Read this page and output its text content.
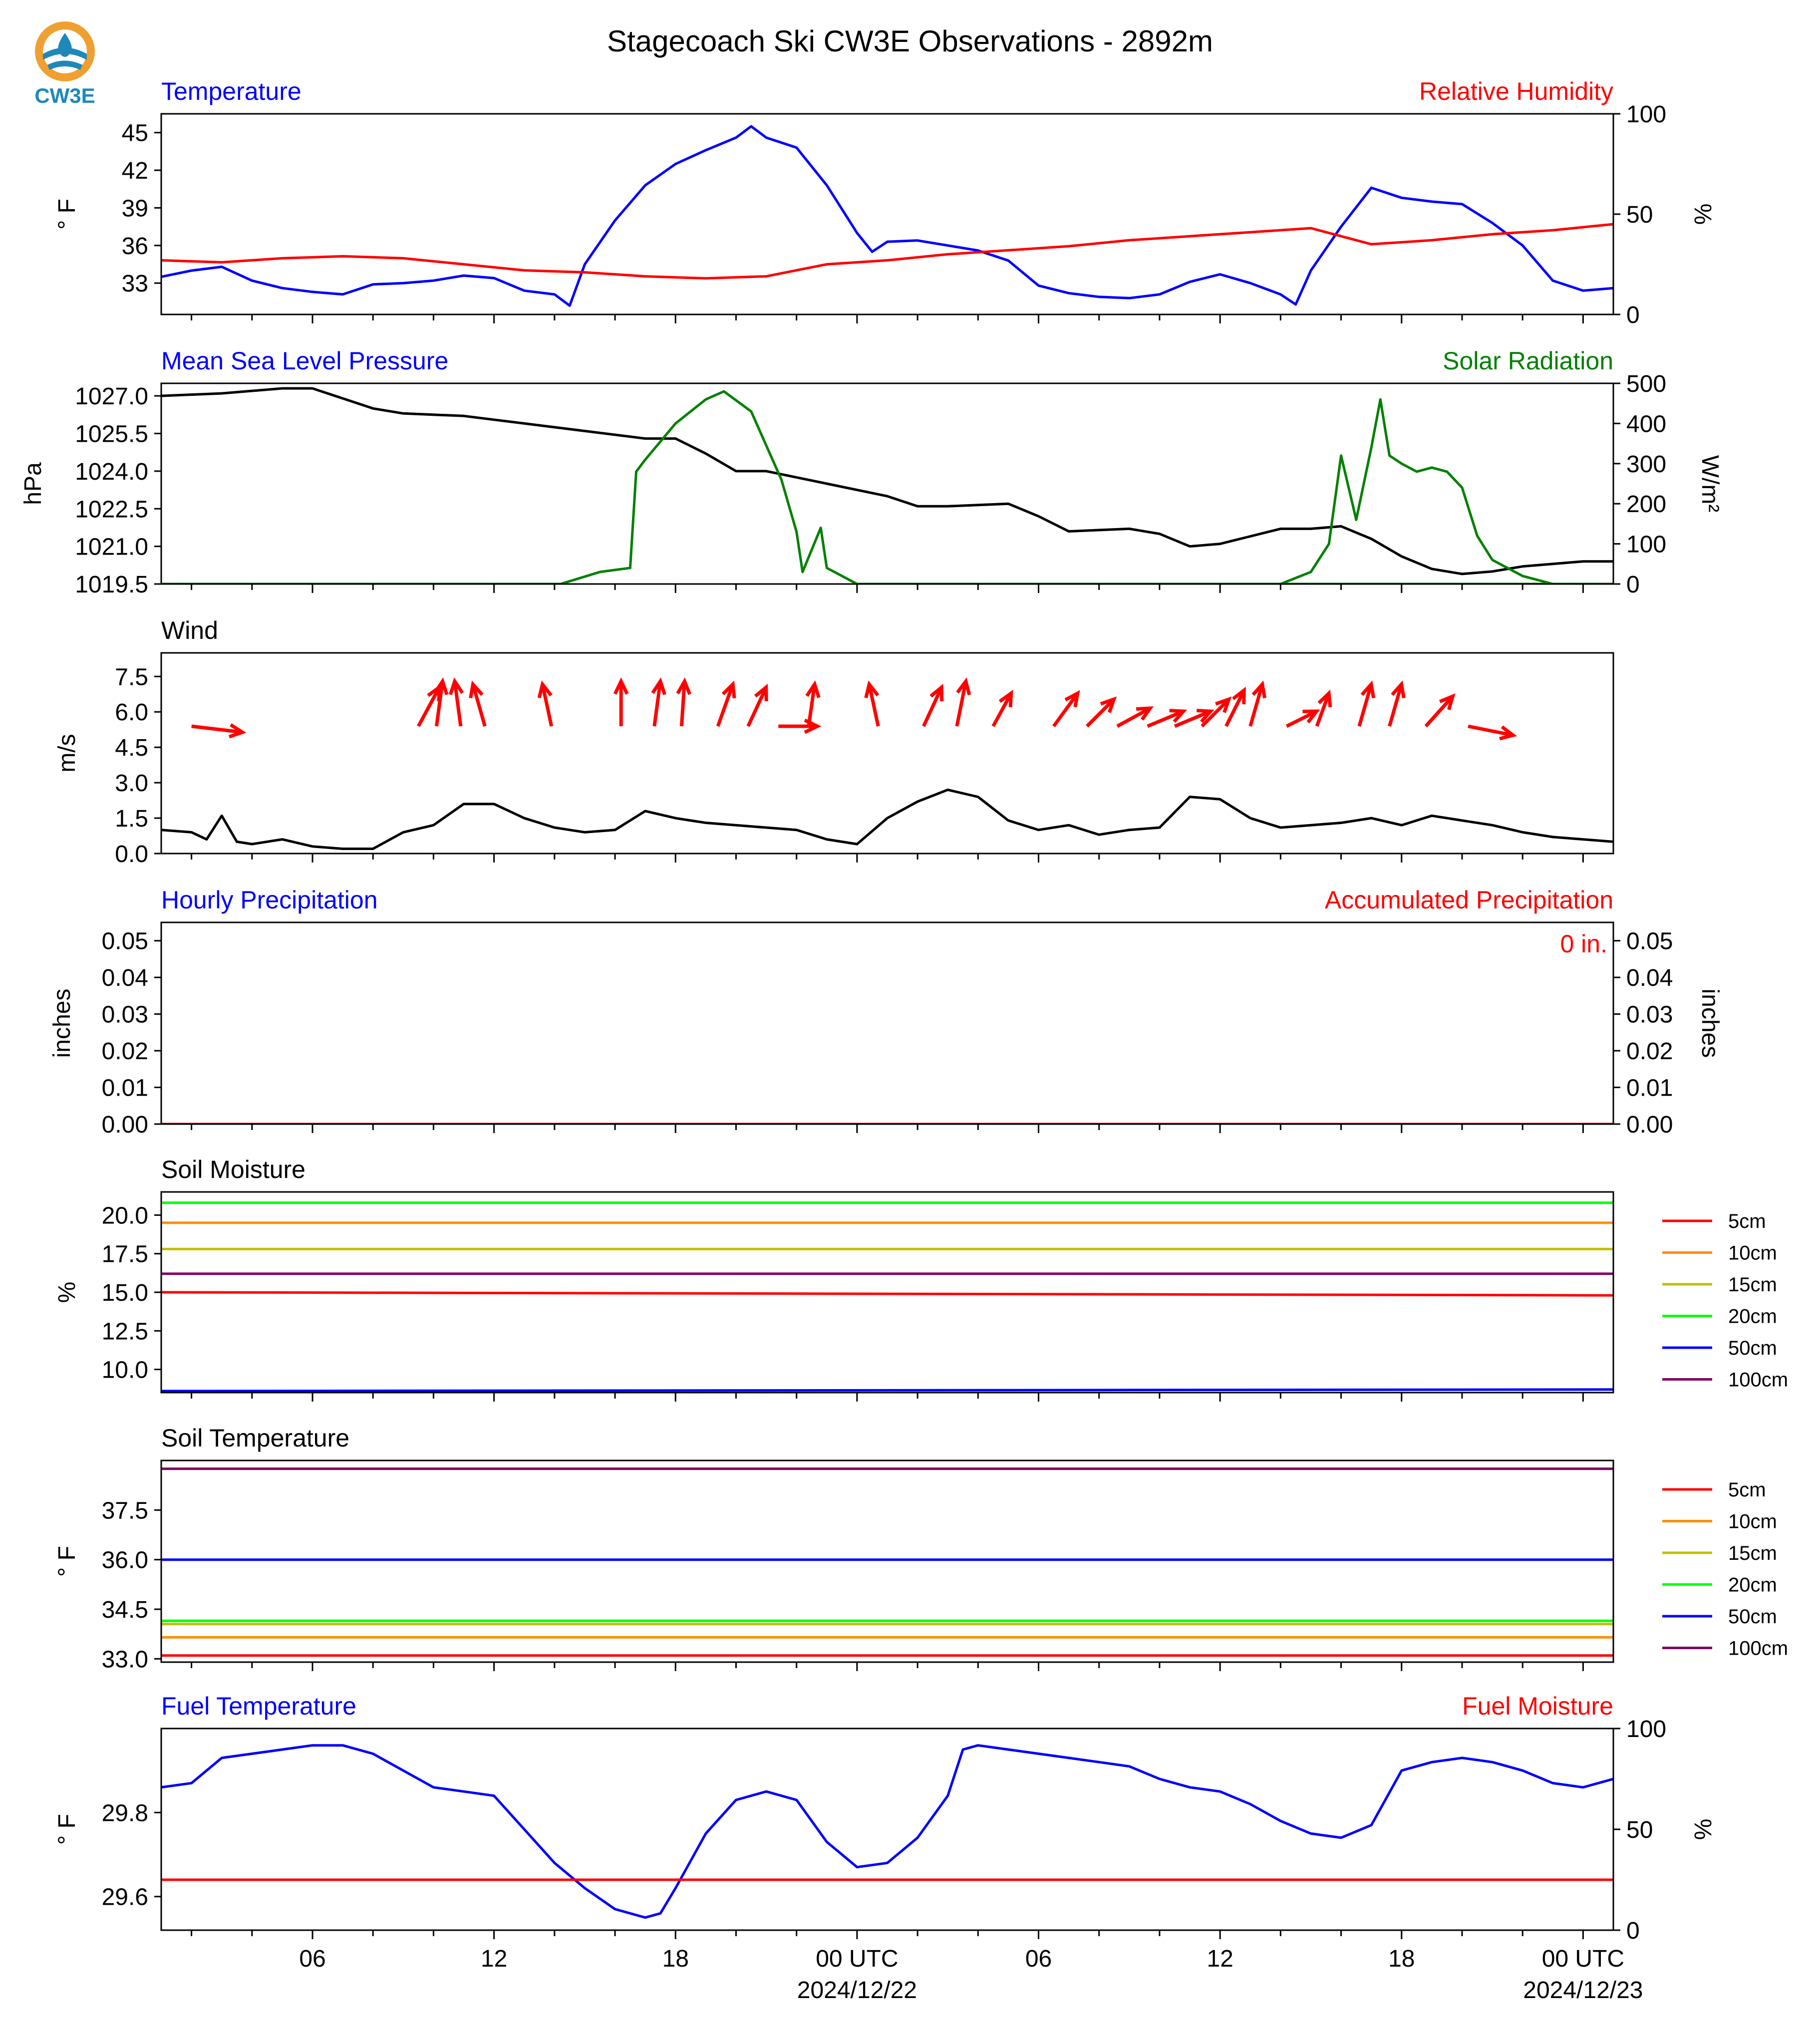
CW3E
Stagecoach Ski CW3E Observations - 2892m
Temperature	Relative Humidity
33
36
39
42
45
0
50
100
° F	%
Mean Sea Level Pressure	Solar Radiation
1019.5
1021.0
1022.5
1024.0
1025.5
1027.0
0
100
200
300
400
500
hPa	W/m²
Wind
0.0
1.5
3.0
4.5
6.0
7.5
m/s
Hourly Precipitation	Accumulated Precipitation
0.00
0.01
0.02
0.03
0.04
0.05
0.00
0.01
0.02
0.03
0.04
0.05
inches	inches
0 in.
Soil Moisture
10.0
12.5
15.0
17.5
20.0
%
5cm
10cm
15cm
20cm
50cm
100cm
Soil Temperature
33.0
34.5
36.0
37.5
° F
5cm
10cm
15cm
20cm
50cm
100cm
Fuel Temperature	Fuel Moisture
29.6
29.8
0
50
100
° F	%
06	12	18	00 UTC
2024/12/22
06	12	18	00 UTC
2024/12/23
